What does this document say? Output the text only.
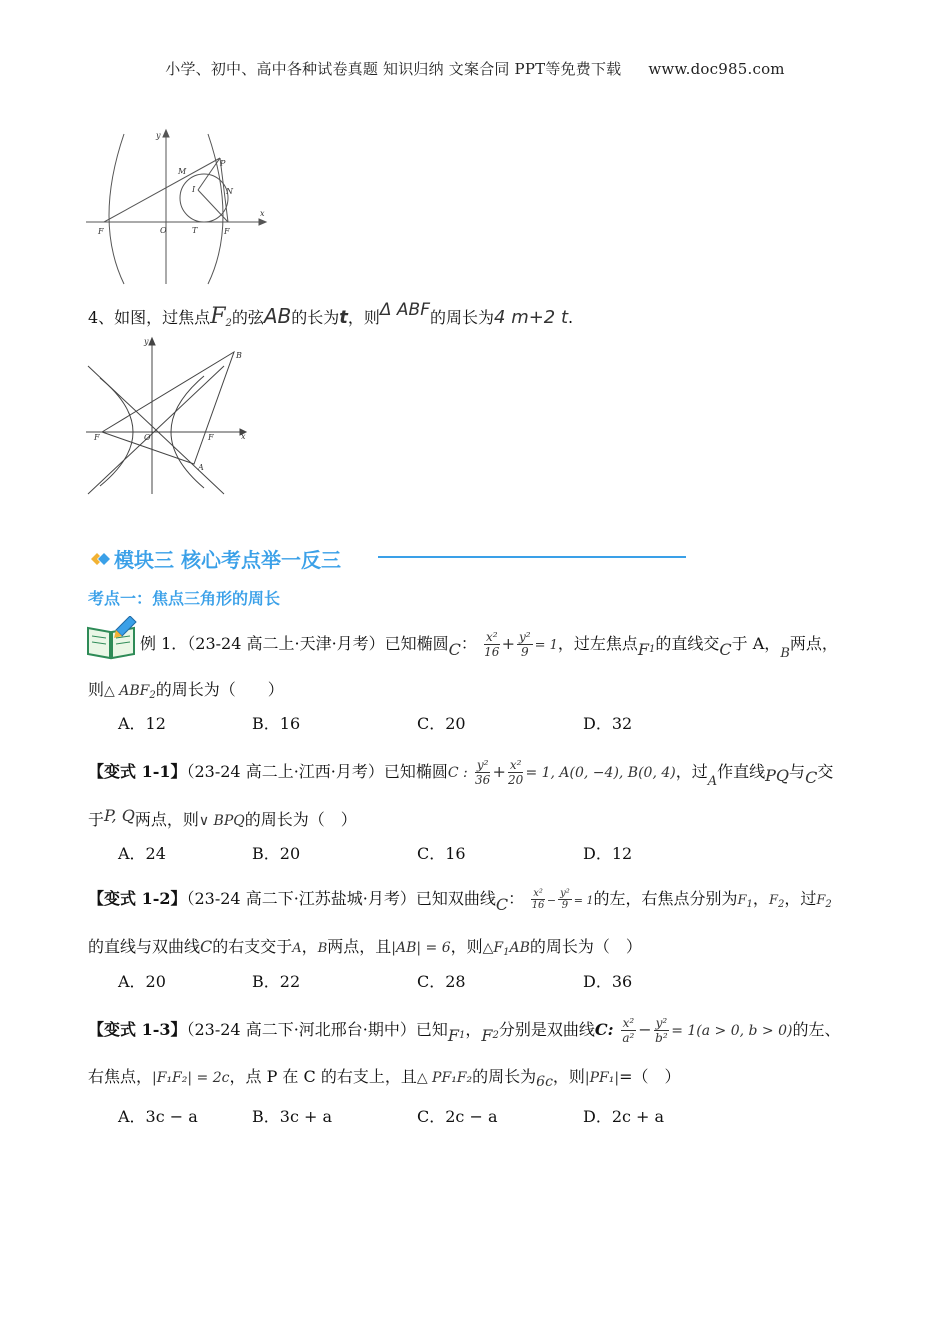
小学、初中、高中各种试卷真题 知识归纳 文案合同 PPT等免费下载 www.doc985.com
x
y
F	O	T	F
M
P
N
I
4、如图，过焦点$F_2$的弦AB的长为t，则Δ ABF的周长为4 m+2 t.
x
y
F	O	F
A
B
模块三 核心考点举一反三
考点一：焦点三角形的周长
例 1．（23-24 高二上·天津·月考）已知椭圆C： $\frac{\text{x²}}{16} + \frac{\text{y²}}{9} = 1$，过左焦点$F_1$的直线交C于 A，$_B$两点，
则△ $ABF_2$的周长为（　　）
A．12	B．16	C．20	D．32
【变式 1-1】（23-24 高二上·江西·月考）已知椭圆C : $\frac{\text{y²}}{36} + \frac{\text{x²}}{20} = 1$, A(0, −4), B(0, 4)，过$_A$作直线PQ与C交
于P, Q两点，则∨ BPQ的周长为（　）
A．24	B．20	C．16	D．12
【变式 1-2】（23-24 高二下·江苏盐城·月考）已知双曲线C： $\frac{\text{x²}}{16} - \frac{\text{y²}}{9} = 1$的左，右焦点分别为$F_1$，$F_2$，过$F_2$
的直线与双曲线C的右支交于A，B两点，且|AB| = 6，则$\triangle F_1AB$的周长为（　）
A．20	B．22	C．28	D．36
【变式 1-3】（23-24 高二下·河北邢台·期中）已知$F_1$，$F_2$分别是双曲线C: $\frac{\text{x²}}{\text{a²}} - \frac{\text{y²}}{\text{b²}} = 1(a > 0$, b > 0)的左、
右焦点，|F₁F₂| = 2c，点 P 在 C 的右支上，且△ PF₁F₂的周长为6c，则|PF₁|=（　）
A．3c − a	B．3c + a	C．2c − a	D．2c + a
